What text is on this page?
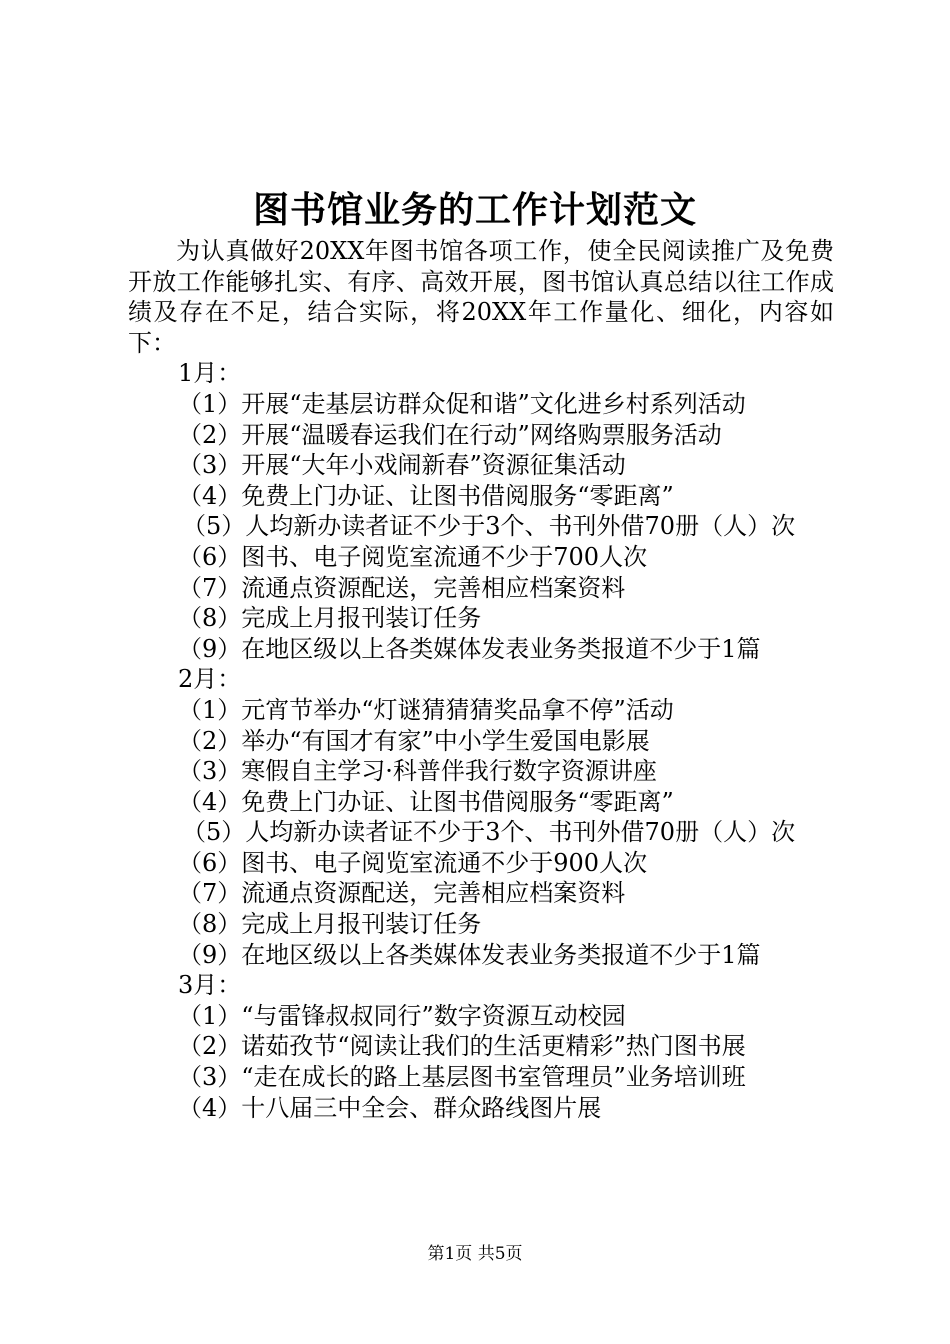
图书馆业务的工作计划范文
为认真做好20XX年图书馆各项工作，使全民阅读推广及免费开放工作能够扎实、有序、高效开展，图书馆认真总结以往工作成绩及存在不足，结合实际，将20XX年工作量化、细化，内容如下：
1月：
（1）开展“走基层访群众促和谐”文化进乡村系列活动
（2）开展“温暖春运我们在行动”网络购票服务活动
（3）开展“大年小戏闹新春”资源征集活动
（4）免费上门办证、让图书借阅服务“零距离”
（5）人均新办读者证不少于3个、书刊外借70册（人）次
（6）图书、电子阅览室流通不少于700人次
（7）流通点资源配送，完善相应档案资料
（8）完成上月报刊装订任务
（9）在地区级以上各类媒体发表业务类报道不少于1篇
2月：
（1）元宵节举办“灯谜猜猜猜奖品拿不停”活动
（2）举办“有国才有家”中小学生爱国电影展
（3）寒假自主学习·科普伴我行数字资源讲座
（4）免费上门办证、让图书借阅服务“零距离”
（5）人均新办读者证不少于3个、书刊外借70册（人）次
（6）图书、电子阅览室流通不少于900人次
（7）流通点资源配送，完善相应档案资料
（8）完成上月报刊装订任务
（9）在地区级以上各类媒体发表业务类报道不少于1篇
3月：
（1）“与雷锋叔叔同行”数字资源互动校园
（2）诺茹孜节“阅读让我们的生活更精彩”热门图书展
（3）“走在成长的路上基层图书室管理员”业务培训班
（4）十八届三中全会、群众路线图片展
第1页 共5页
